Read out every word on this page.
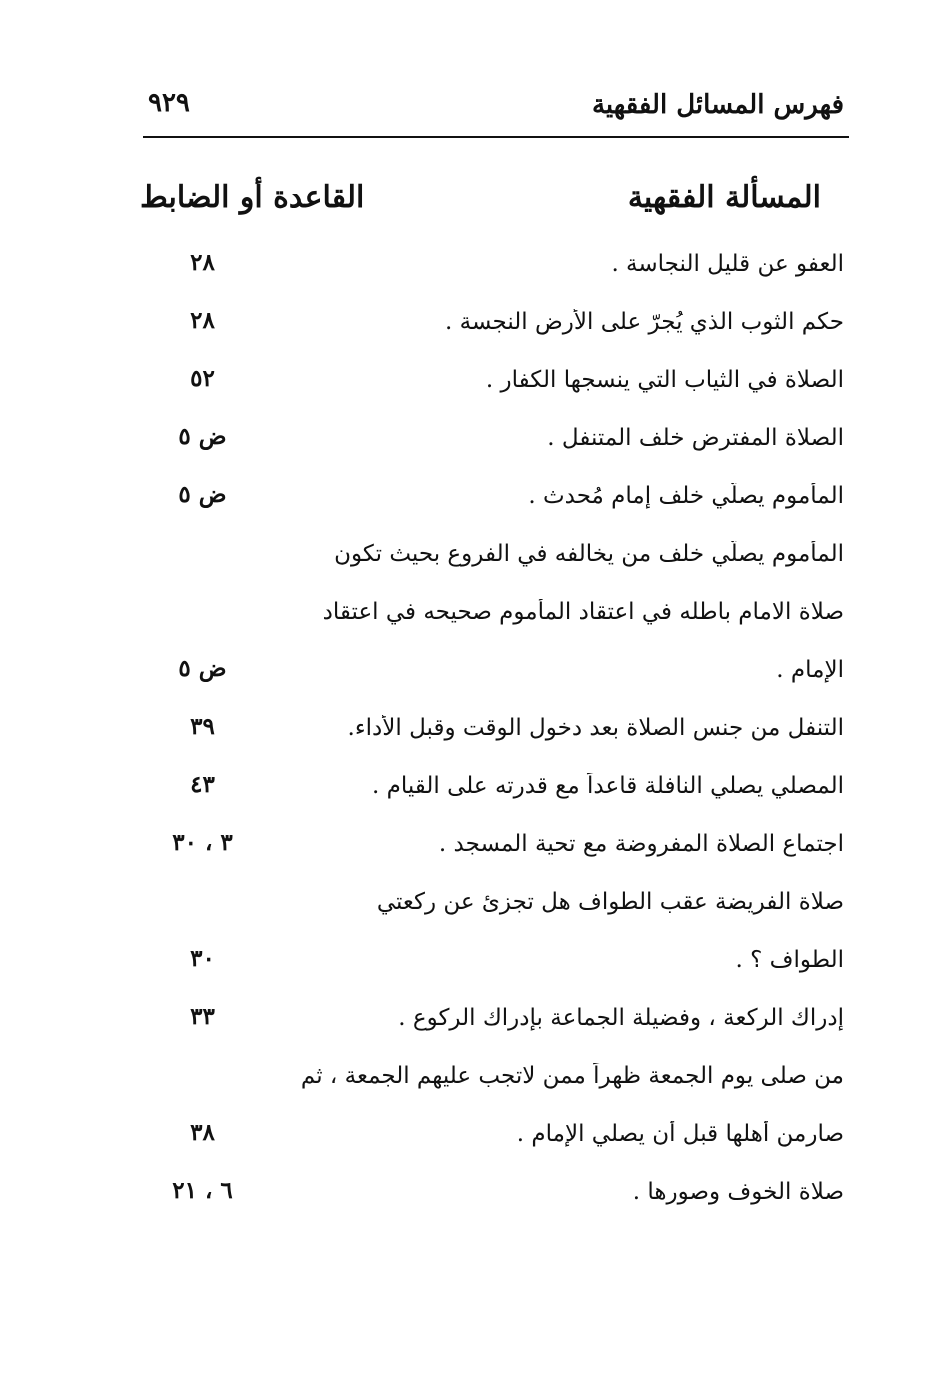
فهرس المسائل الفقهية
٩٢٩
المسألة الفقهية
القاعدة أو الضابط
العفو عن قليل النجاسة .
٢٨
حكم الثوب الذي يُجرّ على الأرض النجسة .
٢٨
الصلاة في الثياب التي ينسجها الكفار .
٥٢
الصلاة المفترض خلف المتنفل .
ض ٥
المأموم يصلّي خلف إمام مُحدث .
ض ٥
المأموم يصلّي خلف من يخالفه في الفروع بحيث تكون
صلاة الامام باطله في اعتقاد المأموم صحيحه في اعتقاد
الإمام .
ض ٥
التنفل من جنس الصلاة بعد دخول الوقت وقبل الأداء.
٣٩
المصلي يصلي النافلة قاعداً مع قدرته على القيام .
٤٣
اجتماع الصلاة المفروضة مع تحية المسجد .
٣ ، ٣٠
صلاة الفريضة عقب الطواف هل تجزئ عن ركعتي
الطواف ؟ .
٣٠
إدراك الركعة ، وفضيلة الجماعة بإدراك الركوع .
٣٣
من صلى يوم الجمعة ظهراً ممن لاتجب عليهم الجمعة ، ثم
صارمن أهلها قبل أن يصلي الإمام .
٣٨
صلاة الخوف وصورها .
٦ ، ٢١
